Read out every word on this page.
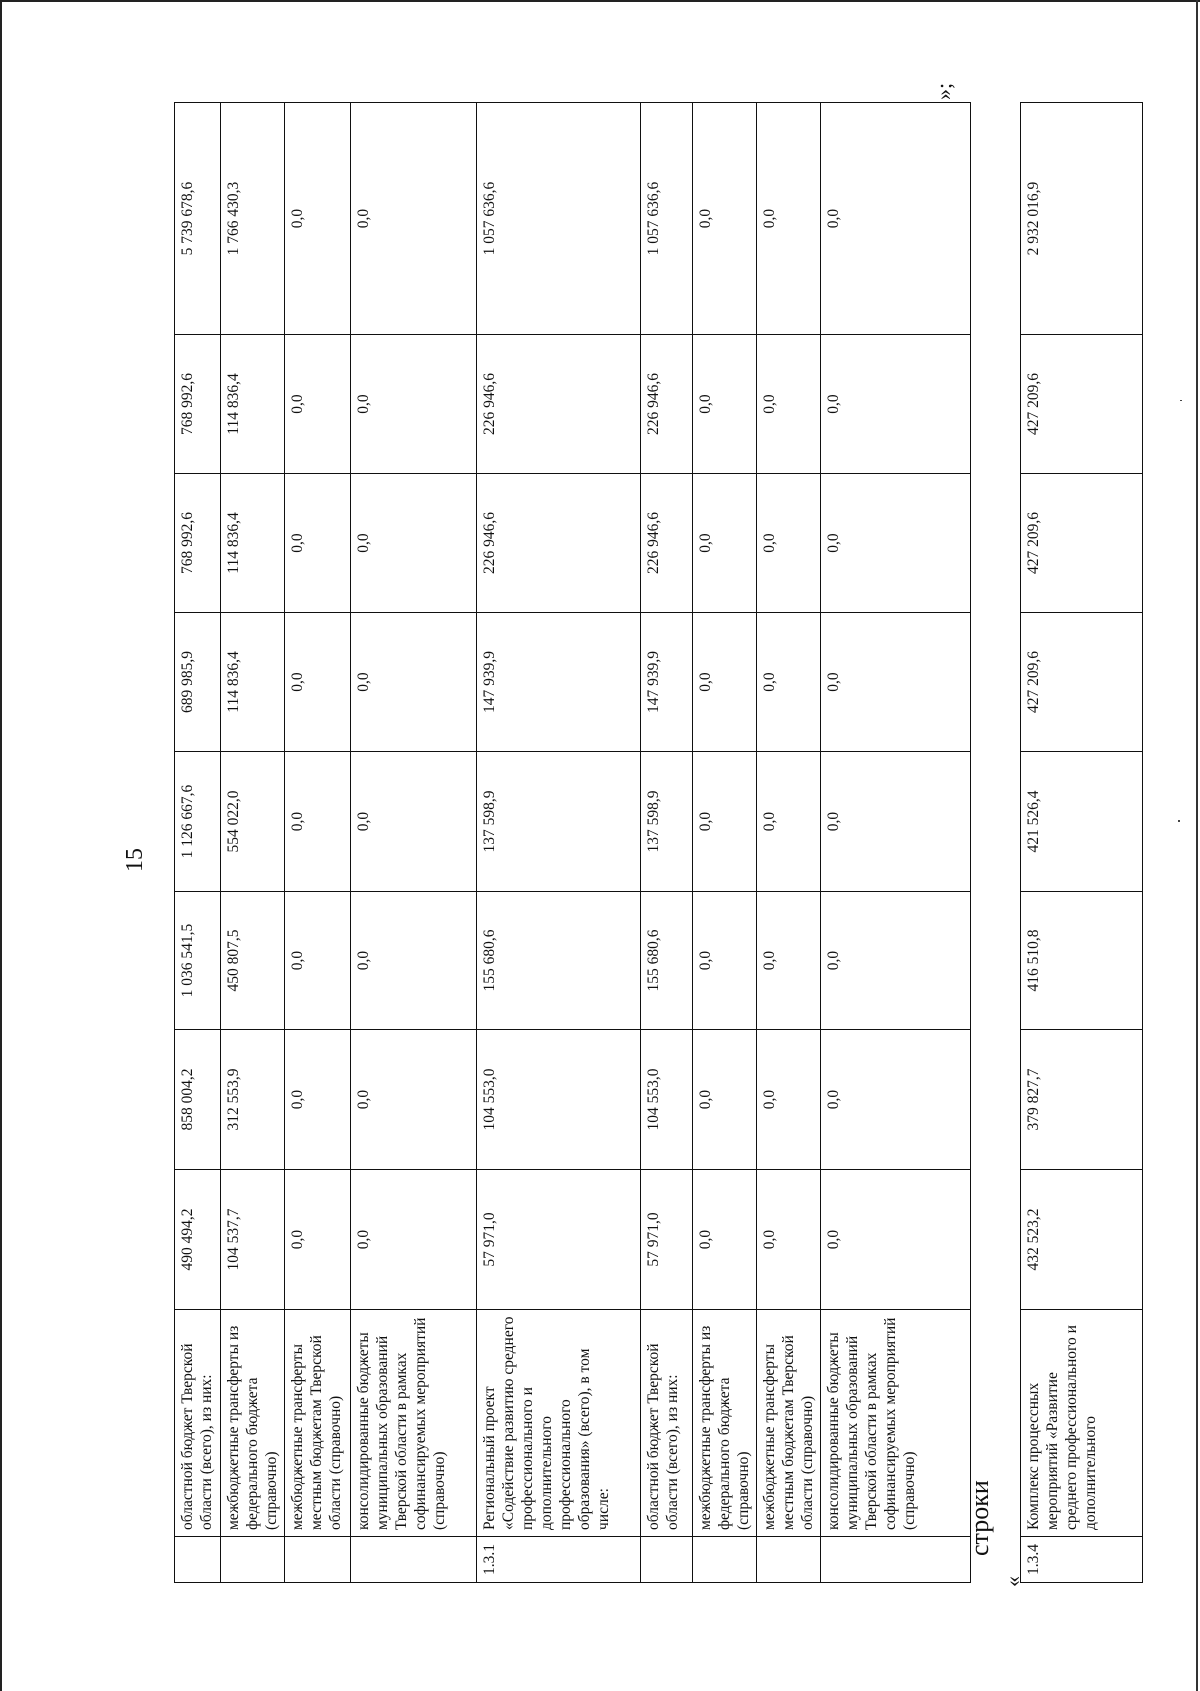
15
	областной бюджет Тверской области (всего), из них:	490 494,2	858 004,2	1 036 541,5	1 126 667,6	689 985,9	768 992,6	768 992,6	5 739 678,6
	межбюджетные трансферты из федерального бюджета (справочно)	104 537,7	312 553,9	450 807,5	554 022,0	114 836,4	114 836,4	114 836,4	1 766 430,3
	межбюджетные трансферты местным бюджетам Тверской области (справочно)	0,0	0,0	0,0	0,0	0,0	0,0	0,0	0,0
	консолидированные бюджеты муниципальных образований Тверской области в рамках софинансируемых мероприятий (справочно)	0,0	0,0	0,0	0,0	0,0	0,0	0,0	0,0
1.3.1	Региональный проект «Содействие развитию среднего профессионального и дополнительного профессионального образования» (всего), в том числе:	57 971,0	104 553,0	155 680,6	137 598,9	147 939,9	226 946,6	226 946,6	1 057 636,6
	областной бюджет Тверской области (всего), из них:	57 971,0	104 553,0	155 680,6	137 598,9	147 939,9	226 946,6	226 946,6	1 057 636,6
	межбюджетные трансферты из федерального бюджета (справочно)	0,0	0,0	0,0	0,0	0,0	0,0	0,0	0,0
	межбюджетные трансферты местным бюджетам Тверской области (справочно)	0,0	0,0	0,0	0,0	0,0	0,0	0,0	0,0
	консолидированные бюджеты муниципальных образований Тверской области в рамках софинансируемых мероприятий (справочно)	0,0	0,0	0,0	0,0	0,0	0,0	0,0	0,0
»;
строки
«
1.3.4	Комплекс процессных мероприятий «Развитие среднего профессионального и дополнительного	432 523,2	379 827,7	416 510,8	421 526,4	427 209,6	427 209,6	427 209,6	2 932 016,9
